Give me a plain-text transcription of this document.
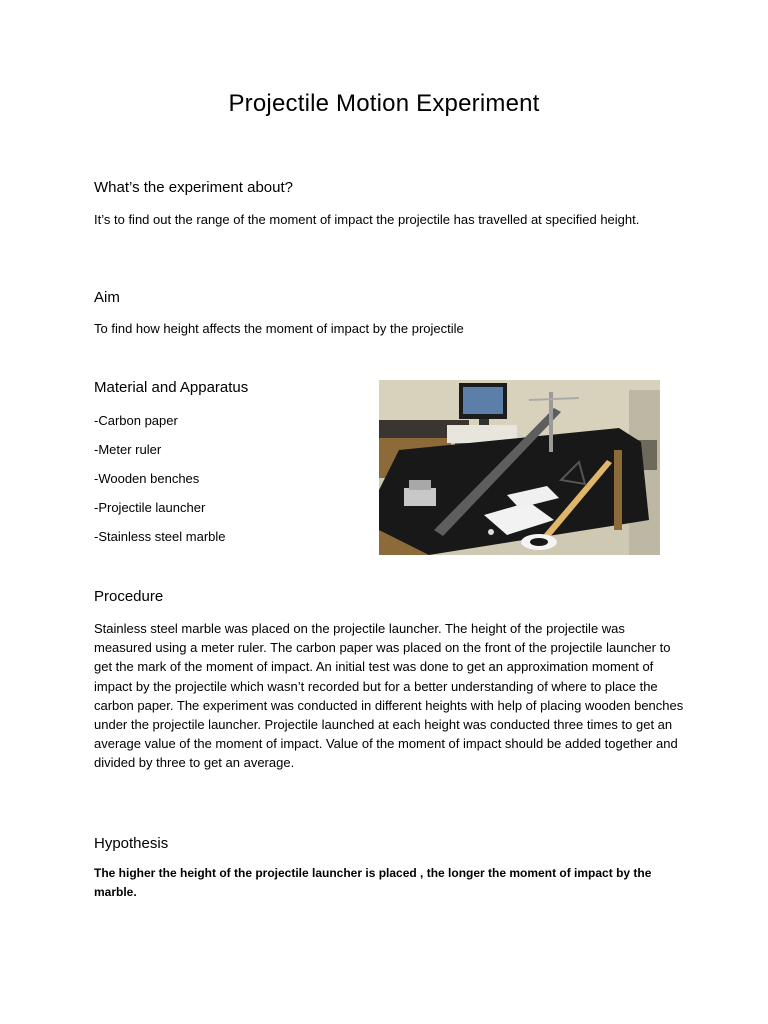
Projectile Motion Experiment
What’s the experiment about?
It’s to find out the range of the moment of impact the projectile has travelled at specified height.
Aim
To find how height affects the moment of impact by the projectile
Material and Apparatus
-Carbon paper
-Meter ruler
-Wooden benches
-Projectile launcher
-Stainless steel marble
Procedure
Stainless steel marble was placed on the projectile launcher. The height of the projectile was measured using a meter ruler. The carbon paper was placed on the front of the projectile launcher to get the mark of the moment of impact. An initial test was done to get an approximation moment of impact by the projectile which wasn’t recorded but for a better understanding of where to place the carbon paper. The experiment was conducted in different heights with help of placing wooden benches under the projectile launcher. Projectile launched at each height was conducted three times to get an average value of the moment of impact. Value of the moment of impact should be added together and divided by three to get an average.
Hypothesis
The higher the height of the projectile launcher is placed , the longer the moment of impact by the marble.
